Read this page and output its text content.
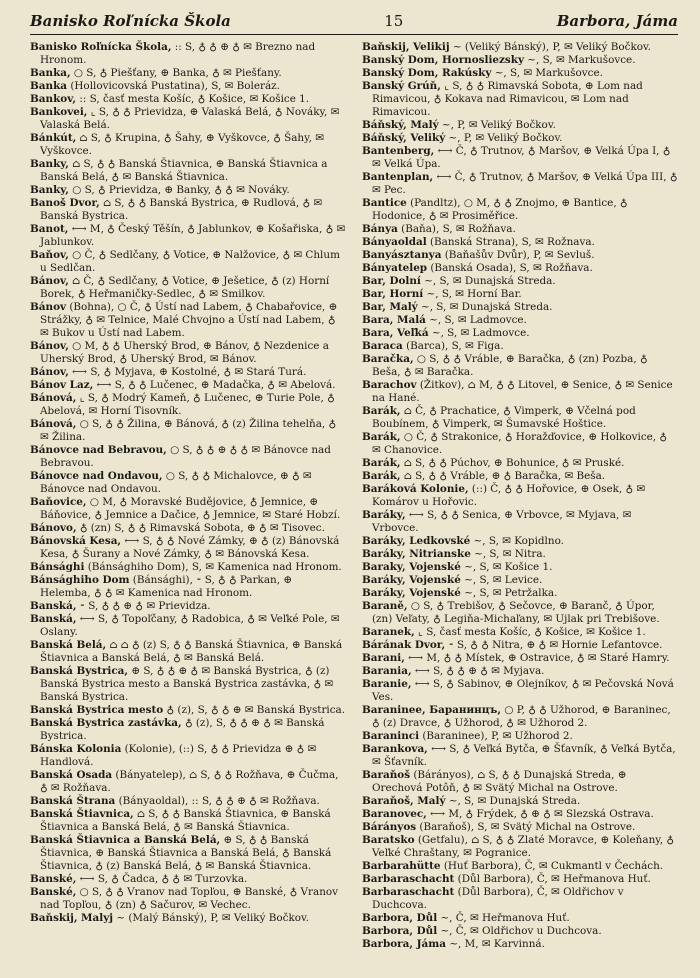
Banisko Roľnícka Škola	15	Barbora, Jáma

Banisko Roľnícka Škola, :: S, ♁ ♁ ⊕ ♁ ✉ Brezno nad Hronom.

Banka, ○ S, ♁ Piešťany, ⊕ Banka, ♁ ✉ Piešťany.

Banka (Hollovicovská Pustatina), S, ✉ Boleráz.

Bankov, :: S, časť mesta Košíc, ♁ Košice, ✉ Košice 1.

Bankovei, ⌞ S, ♁ ♁ Prievidza, ⊕ Valaská Belá, ♁ Nováky, ✉ Valaská Belá.

Bánkút, ⌂ S, ♁ Krupina, ♁ Šahy, ⊕ Vyškovce, ♁ Šahy, ✉ Vyškovce.

Banky, ⌂ S, ♁ ♁ Banská Štiavnica, ⊕ Banská Štiavnica a Banská Belá, ♁ ✉ Banská Štiavnica.

Banky, ○ S, ♁ Prievidza, ⊕ Banky, ♁ ♁ ✉ Nováky.

Banoš Dvor, ⌂ S, ♁ ♁ Banská Bystrica, ⊕ Rudlová, ♁ ✉ Banská Bystrica.

Banot, ⟷ M, ♁ Český Těšín, ♁ Jablunkov, ⊕ Košařiska, ♁ ✉ Jablunkov.

Baňov, ○ Č, ♁ Sedlčany, ♁ Votice, ⊕ Nalžovice, ♁ ✉ Chlum u Sedlčan.

Bánov, ⌂ Č, ♁ Sedlčany, ♁ Votice, ⊕ Ješetice, ♁ (z) Horní Borek, ♁ Heřmaničky-Sedlec, ♁ ✉ Smilkov.

Bánov (Bohna), ○ Č, ♁ Ústí nad Labem, ♁ Chabařovice, ⊕ Strážky, ♁ ✉ Telnice, Malé Chvojno a Ústí nad Labem, ♁ ✉ Bukov u Ústí nad Labem.

Bánov, ○ M, ♁ ♁ Uherský Brod, ⊕ Bánov, ♁ Nezdenice a Uherský Brod, ♁ Uherský Brod, ✉ Bánov.

Bánov, ⟷ S, ♁ Myjava, ⊕ Kostolné, ♁ ✉ Stará Turá.

Bánov Laz, ⟷ S, ♁ ♁ Lučenec, ⊕ Madačka, ♁ ✉ Abelová.

Bánová, ⌞ S, ♁ Modrý Kameň, ♁ Lučenec, ⊕ Turie Pole, ♁ Abelová, ✉ Horní Tisovník.

Bánová, ○ S, ♁ ♁ Žilina, ⊕ Bánová, ♁ (z) Žilina tehelňa, ♁ ✉ Žilina.

Bánovce nad Bebravou, ○ S, ♁ ♁ ⊕ ♁ ♁ ✉ Bánovce nad Bebravou.

Bánovce nad Ondavou, ○ S, ♁ ♁ Michalovce, ⊕ ♁ ✉ Bánovce nad Ondavou.

Baňovice, ○ M, ♁ Moravské Budějovice, ♁ Jemnice, ⊕ Báňovice, ♁ Jemnice a Dačice, ♁ Jemnice, ✉ Staré Hobzí.

Bánovo, ♁ (zn) S, ♁ ♁ Rimavská Sobota, ⊕ ♁ ✉ Tisovec.

Bánovská Kesa, ⟷ S, ♁ ♁ Nové Zámky, ⊕ ♁ (z) Bánovská Kesa, ♁ Šurany a Nové Zámky, ♁ ✉ Bánovská Kesa.

Bánsághi (Bánsághiho Dom), S, ✉ Kamenica nad Hronom.

Bánsághiho Dom (Bánsághi), ⁃ S, ♁ ♁ Parkan, ⊕ Helemba, ♁ ♁ ✉ Kamenica nad Hronom.

Banská, ⁃ S, ♁ ♁ ⊕ ♁ ✉ Prievidza.

Banská, ⟷ S, ♁ Topoľčany, ♁ Radobica, ♁ ✉ Veľké Pole, ✉ Oslany.

Banská Belá, ⌂ ⌂ ♁ (z) S, ♁ ♁ Banská Štiavnica, ⊕ Banská Štiavnica a Banská Belá, ♁ ✉ Banská Belá.

Banská Bystrica, ⊕ S, ♁ ♁ ⊕ ♁ ✉ Banská Bystrica, ♁ (z) Banská Bystrica mesto a Banská Bystrica zastávka, ♁ ✉ Banská Bystrica.

Banská Bystrica mesto ♁ (z), S, ♁ ♁ ⊕ ✉ Banská Bystrica.

Banská Bystrica zastávka, ♁ (z), S, ♁ ♁ ⊕ ♁ ✉ Banská Bystrica.

Bánska Kolonia (Kolonie), (::) S, ♁ ♁ Prievidza ⊕ ♁ ✉ Handlová.

Banská Osada (Bányatelep), ⌂ S, ♁ ♁ Rožňava, ⊕ Čučma, ♁ ✉ Rožňava.

Banská Štrana (Bányaoldal), :: S, ♁ ♁ ⊕ ♁ ✉ Rožňava.

Banská Štiavnica, ⌂ S, ♁ ♁ Banská Štiavnica, ⊕ Banská Štiavnica a Banská Belá, ♁ ✉ Banská Štiavnica.

Banská Štiavnica a Banská Belá, ⊕ S, ♁ ♁ Banská Štiavnica, ⊕ Banská Štiavnica a Banská Belá, ♁ Banská Štiavnica, ♁ (z) Banská Belá, ♁ ✉ Banská Štiavnica.

Banské, ⟷ S, ♁ Čadca, ♁ ♁ ✉ Turzovka.

Banské, ○ S, ♁ ♁ Vranov nad Topľou, ⊕ Banské, ♁ Vranov nad Topľou, ♁ (zn) ♁ Sačurov, ✉ Vechec.

Baňskij, Malyj ~ (Malý Bánský), P, ✉ Veliký Bočkov.

Baňskij, Velikij ~ (Veliký Bánský), P, ✉ Veliký Bočkov.

Banský Dom, Hornosliezsky ~, S, ✉ Markušovce.

Banský Dom, Rakúsky ~, S, ✉ Markušovce.

Banský Grúň, ⌞ S, ♁ ♁ Rimavská Sobota, ⊕ Lom nad Rimavicou, ♁ Kokava nad Rimavicou, ✉ Lom nad Rimavicou.

Báňský, Malý ~, P, ✉ Veliký Bočkov.

Báňský, Veliký ~, P, ✉ Veliký Bočkov.

Bantenberg, ⟷ Č, ♁ Trutnov, ♁ Maršov, ⊕ Velká Úpa I, ♁ ✉ Velká Úpa.

Bantenplan, ⟷ Č, ♁ Trutnov, ♁ Maršov, ⊕ Velká Úpa III, ♁ ✉ Pec.

Bantice (Pandltz), ○ M, ♁ ♁ Znojmo, ⊕ Bantice, ♁ Hodonice, ♁ ✉ Prosiměřice.

Bánya (Baňa), S, ✉ Rožňava.

Bányaoldal (Banská Strana), S, ✉ Rožnava.

Banyásztanya (Baňašův Dvůr), P, ✉ Sevluš.

Bányatelep (Banská Osada), S, ✉ Rožňava.

Bar, Dolní ~, S, ✉ Dunajská Streda.

Bar, Horní ~, S, ✉ Horní Bar.

Bar, Malý ~, S, ✉ Dunajská Streda.

Bara, Malá ~, S, ✉ Ladmovce.

Bara, Veľká ~, S, ✉ Ladmovce.

Baraca (Barca), S, ✉ Figa.

Baračka, ○ S, ♁ ♁ Vráble, ⊕ Baračka, ♁ (zn) Pozba, ♁ Beša, ♁ ✉ Baračka.

Barachov (Žitkov), ⌂ M, ♁ ♁ Litovel, ⊕ Senice, ♁ ✉ Senice na Hané.

Barák, ⌂ Č, ♁ Prachatice, ♁ Vimperk, ⊕ Včelná pod Boubínem, ♁ Vimperk, ✉ Šumavské Hoštice.

Barák, ○ Č, ♁ Strakonice, ♁ Horažďovice, ⊕ Holkovice, ♁ ✉ Chanovice.

Barák, ⌂ S, ♁ ♁ Púchov, ⊕ Bohunice, ♁ ✉ Pruské.

Barák, ⌂ S, ♁ ♁ Vráble, ⊕ ♁ Baračka, ✉ Beša.

Baráková Kolonie, (::) Č, ♁ ♁ Hořovice, ⊕ Osek, ♁ ✉ Komárov u Hořovic.

Baráky, ⟷ S, ♁ ♁ Senica, ⊕ Vrbovce, ✉ Myjava, ✉ Vrbovce.

Baráky, Ledkovské ~, S, ✉ Kopidlno.

Baráky, Nitrianske ~, S, ✉ Nitra.

Baraky, Vojenské ~, S, ✉ Košice 1.

Baráky, Vojenské ~, S, ✉ Levice.

Baráky, Vojenské ~, S, ✉ Petržalka.

Baraně, ○ S, ♁ Trebišov, ♁ Sečovce, ⊕ Baranč, ♁ Úpor, (zn) Veľaty, ♁ Legiňa-Michaľany, ✉ Ujlak pri Trebišove.

Baranek, ⌞ S, časť mesta Košíc, ♁ Košice, ✉ Košice 1.

Bárának Dvor, ⁃ S, ♁ ♁ Nitra, ⊕ ♁ ✉ Hornie Lefantovce.

Barani, ⟷ M, ♁ ♁ Místek, ⊕ Ostravice, ♁ ✉ Staré Hamry.

Barania, ⟷ S, ♁ ♁ ⊕ ♁ ✉ Myjava.

Baranie, ⟷ S, ♁ Sabinov, ⊕ Olejníkov, ♁ ✉ Pečovská Nová Ves.

Baraninee, Баранинцъ, ○ P, ♁ ♁ Užhorod, ⊕ Baraninec, ♁ (z) Dravce, ♁ Užhorod, ♁ ✉ Užhorod 2.

Baraninci (Baraninee), P, ✉ Užhorod 2.

Barankova, ⟷ S, ♁ Veľká Bytča, ⊕ Šťavník, ♁ Veľká Bytča, ✉ Šťavník.

Baraňoš (Bárányos), ⌂ S, ♁ ♁ Dunajská Streda, ⊕ Orechová Potôň, ♁ ✉ Svätý Michal na Ostrove.

Baraňoš, Malý ~, S, ✉ Dunajská Streda.

Baranovec, ⟷ M, ♁ Frýdek, ♁ ⊕ ♁ ✉ Slezská Ostrava.

Bárányos (Baraňoš), S, ✉ Svätý Michal na Ostrove.

Baratsko (Getfalu), ⌂ S, ♁ ♁ Zlaté Moravce, ⊕ Koleňany, ♁ Veľké Chraštany, ✉ Pogranice.

Barbarahütte (Huť Barbora), Č, ✉ Cukmantl v Čechách.

Barbaraschacht (Důl Barbora), Č, ✉ Heřmanova Huť.

Barbaraschacht (Důl Barbora), Č, ✉ Oldřichov v Duchcova.

Barbora, Důl ~, Č, ✉ Heřmanova Huť.

Barbora, Důl ~, Č, ✉ Oldřichov u Duchcova.

Barbora, Jáma ~, M, ✉ Karvinná.
